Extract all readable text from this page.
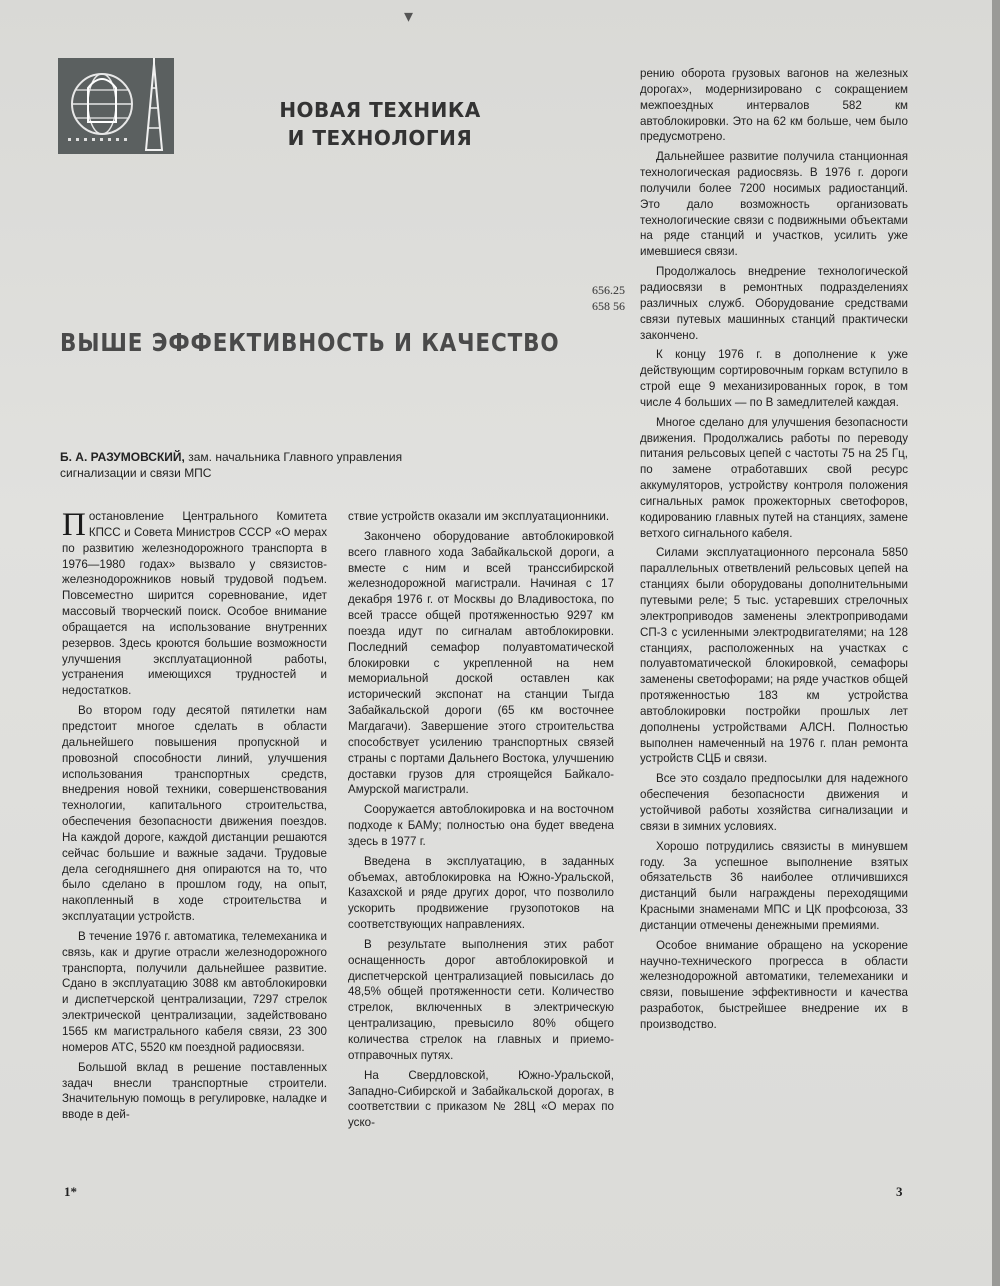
▾
НОВАЯ ТЕХНИКА
И ТЕХНОЛОГИЯ
656.25
658 56
ВЫШЕ ЭФФЕКТИВНОСТЬ И КАЧЕСТВО
Б. А. РАЗУМОВСКИЙ, зам. начальника Главного управления
сигнализации и связи МПС

Постановление Центрального Комитета КПСС и Совета Министров СССР «О мерах по развитию железнодорожного транспорта в 1976—1980 годах» вызвало у связистов-железнодорожников новый трудовой подъем. Повсеместно ширится соревнование, идет массовый творческий поиск. Особое внимание обращается на использование внутренних резервов. Здесь кроются большие возможности улучшения эксплуатационной работы, устранения имеющихся трудностей и недостатков.

Во втором году десятой пятилетки нам предстоит многое сделать в области дальнейшего повышения пропускной и провозной способности линий, улучшения использования транспортных средств, внедрения новой техники, совершенствования технологии, капитального строительства, обеспечения безопасности движения поездов. На каждой дороге, каждой дистанции решаются сейчас большие и важные задачи. Трудовые дела сегодняшнего дня опираются на то, что было сделано в прошлом году, на опыт, накопленный в ходе строительства и эксплуатации устройств.

В течение 1976 г. автоматика, телемеханика и связь, как и другие отрасли железнодорожного транспорта, получили дальнейшее развитие. Сдано в эксплуатацию 3088 км автоблокировки и диспетчерской централизации, 7297 стрелок электрической централизации, задействовано 1565 км магистрального кабеля связи, 23 300 номеров АТС, 5520 км поездной радиосвязи.

Большой вклад в решение поставленных задач внесли транспортные строители. Значительную помощь в регулировке, наладке и вводе в дей-

ствие устройств оказали им эксплуатационники.

Закончено оборудование автоблокировкой всего главного хода Забайкальской дороги, а вместе с ним и всей транссибирской железнодорожной магистрали. Начиная с 17 декабря 1976 г. от Москвы до Владивостока, по всей трассе общей протяженностью 9297 км поезда идут по сигналам автоблокировки. Последний семафор полуавтоматической блокировки с укрепленной на нем мемориальной доской оставлен как исторический экспонат на станции Тыгда Забайкальской дороги (65 км восточнее Магдагачи). Завершение этого строительства способствует усилению транспортных связей страны с портами Дальнего Востока, улучшению доставки грузов для строящейся Байкало-Амурской магистрали.

Сооружается автоблокировка и на восточном подходе к БАМу; полностью она будет введена здесь в 1977 г.

Введена в эксплуатацию, в заданных объемах, автоблокировка на Южно-Уральской, Казахской и ряде других дорог, что позволило ускорить продвижение грузопотоков на соответствующих направлениях.

В результате выполнения этих работ оснащенность дорог автоблокировкой и диспетчерской централизацией повысилась до 48,5% общей протяженности сети. Количество стрелок, включенных в электрическую централизацию, превысило 80% общего количества стрелок на главных и приемо-отправочных путях.

На Свердловской, Южно-Уральской, Западно-Сибирской и Забайкальской дорогах, в соответствии с приказом № 28Ц «О мерах по уско-

рению оборота грузовых вагонов на железных дорогах», модернизировано с сокращением межпоездных интервалов 582 км автоблокировки. Это на 62 км больше, чем было предусмотрено.

Дальнейшее развитие получила станционная технологическая радиосвязь. В 1976 г. дороги получили более 7200 носимых радиостанций. Это дало возможность организовать технологические связи с подвижными объектами на ряде станций и участков, усилить уже имевшиеся связи.

Продолжалось внедрение технологической радиосвязи в ремонтных подразделениях различных служб. Оборудование средствами связи путевых машинных станций практически закончено.

К концу 1976 г. в дополнение к уже действующим сортировочным горкам вступило в строй еще 9 механизированных горок, в том числе 4 больших — по В замедлителей каждая.

Многое сделано для улучшения безопасности движения. Продолжались работы по переводу питания рельсовых цепей с частоты 75 на 25 Гц, по замене отработавших свой ресурс аккумуляторов, устройству контроля положения сигнальных рамок прожекторных светофоров, кодированию главных путей на станциях, замене ветхого сигнального кабеля.

Силами эксплуатационного персонала 5850 параллельных ответвлений рельсовых цепей на станциях были оборудованы дополнительными путевыми реле; 5 тыс. устаревших стрелочных электроприводов заменены электроприводами СП-3 с усиленными электродвигателями; на 128 станциях, расположенных на участках с полуавтоматической блокировкой, семафоры заменены светофорами; на ряде участков общей протяженностью 183 км устройства автоблокировки постройки прошлых лет дополнены устройствами АЛСН. Полностью выполнен намеченный на 1976 г. план ремонта устройств СЦБ и связи.

Все это создало предпосылки для надежного обеспечения безопасности движения и устойчивой работы хозяйства сигнализации и связи в зимних условиях.

Хорошо потрудились связисты в минувшем году. За успешное выполнение взятых обязательств 36 наиболее отличившихся дистанций были награждены переходящими Красными знаменами МПС и ЦК профсоюза, 33 дистанции отмечены денежными премиями.

Особое внимание обращено на ускорение научно-технического прогресса в области железнодорожной автоматики, телемеханики и связи, повышение эффективности и качества разработок, быстрейшее внедрение их в производство.

1*	3
